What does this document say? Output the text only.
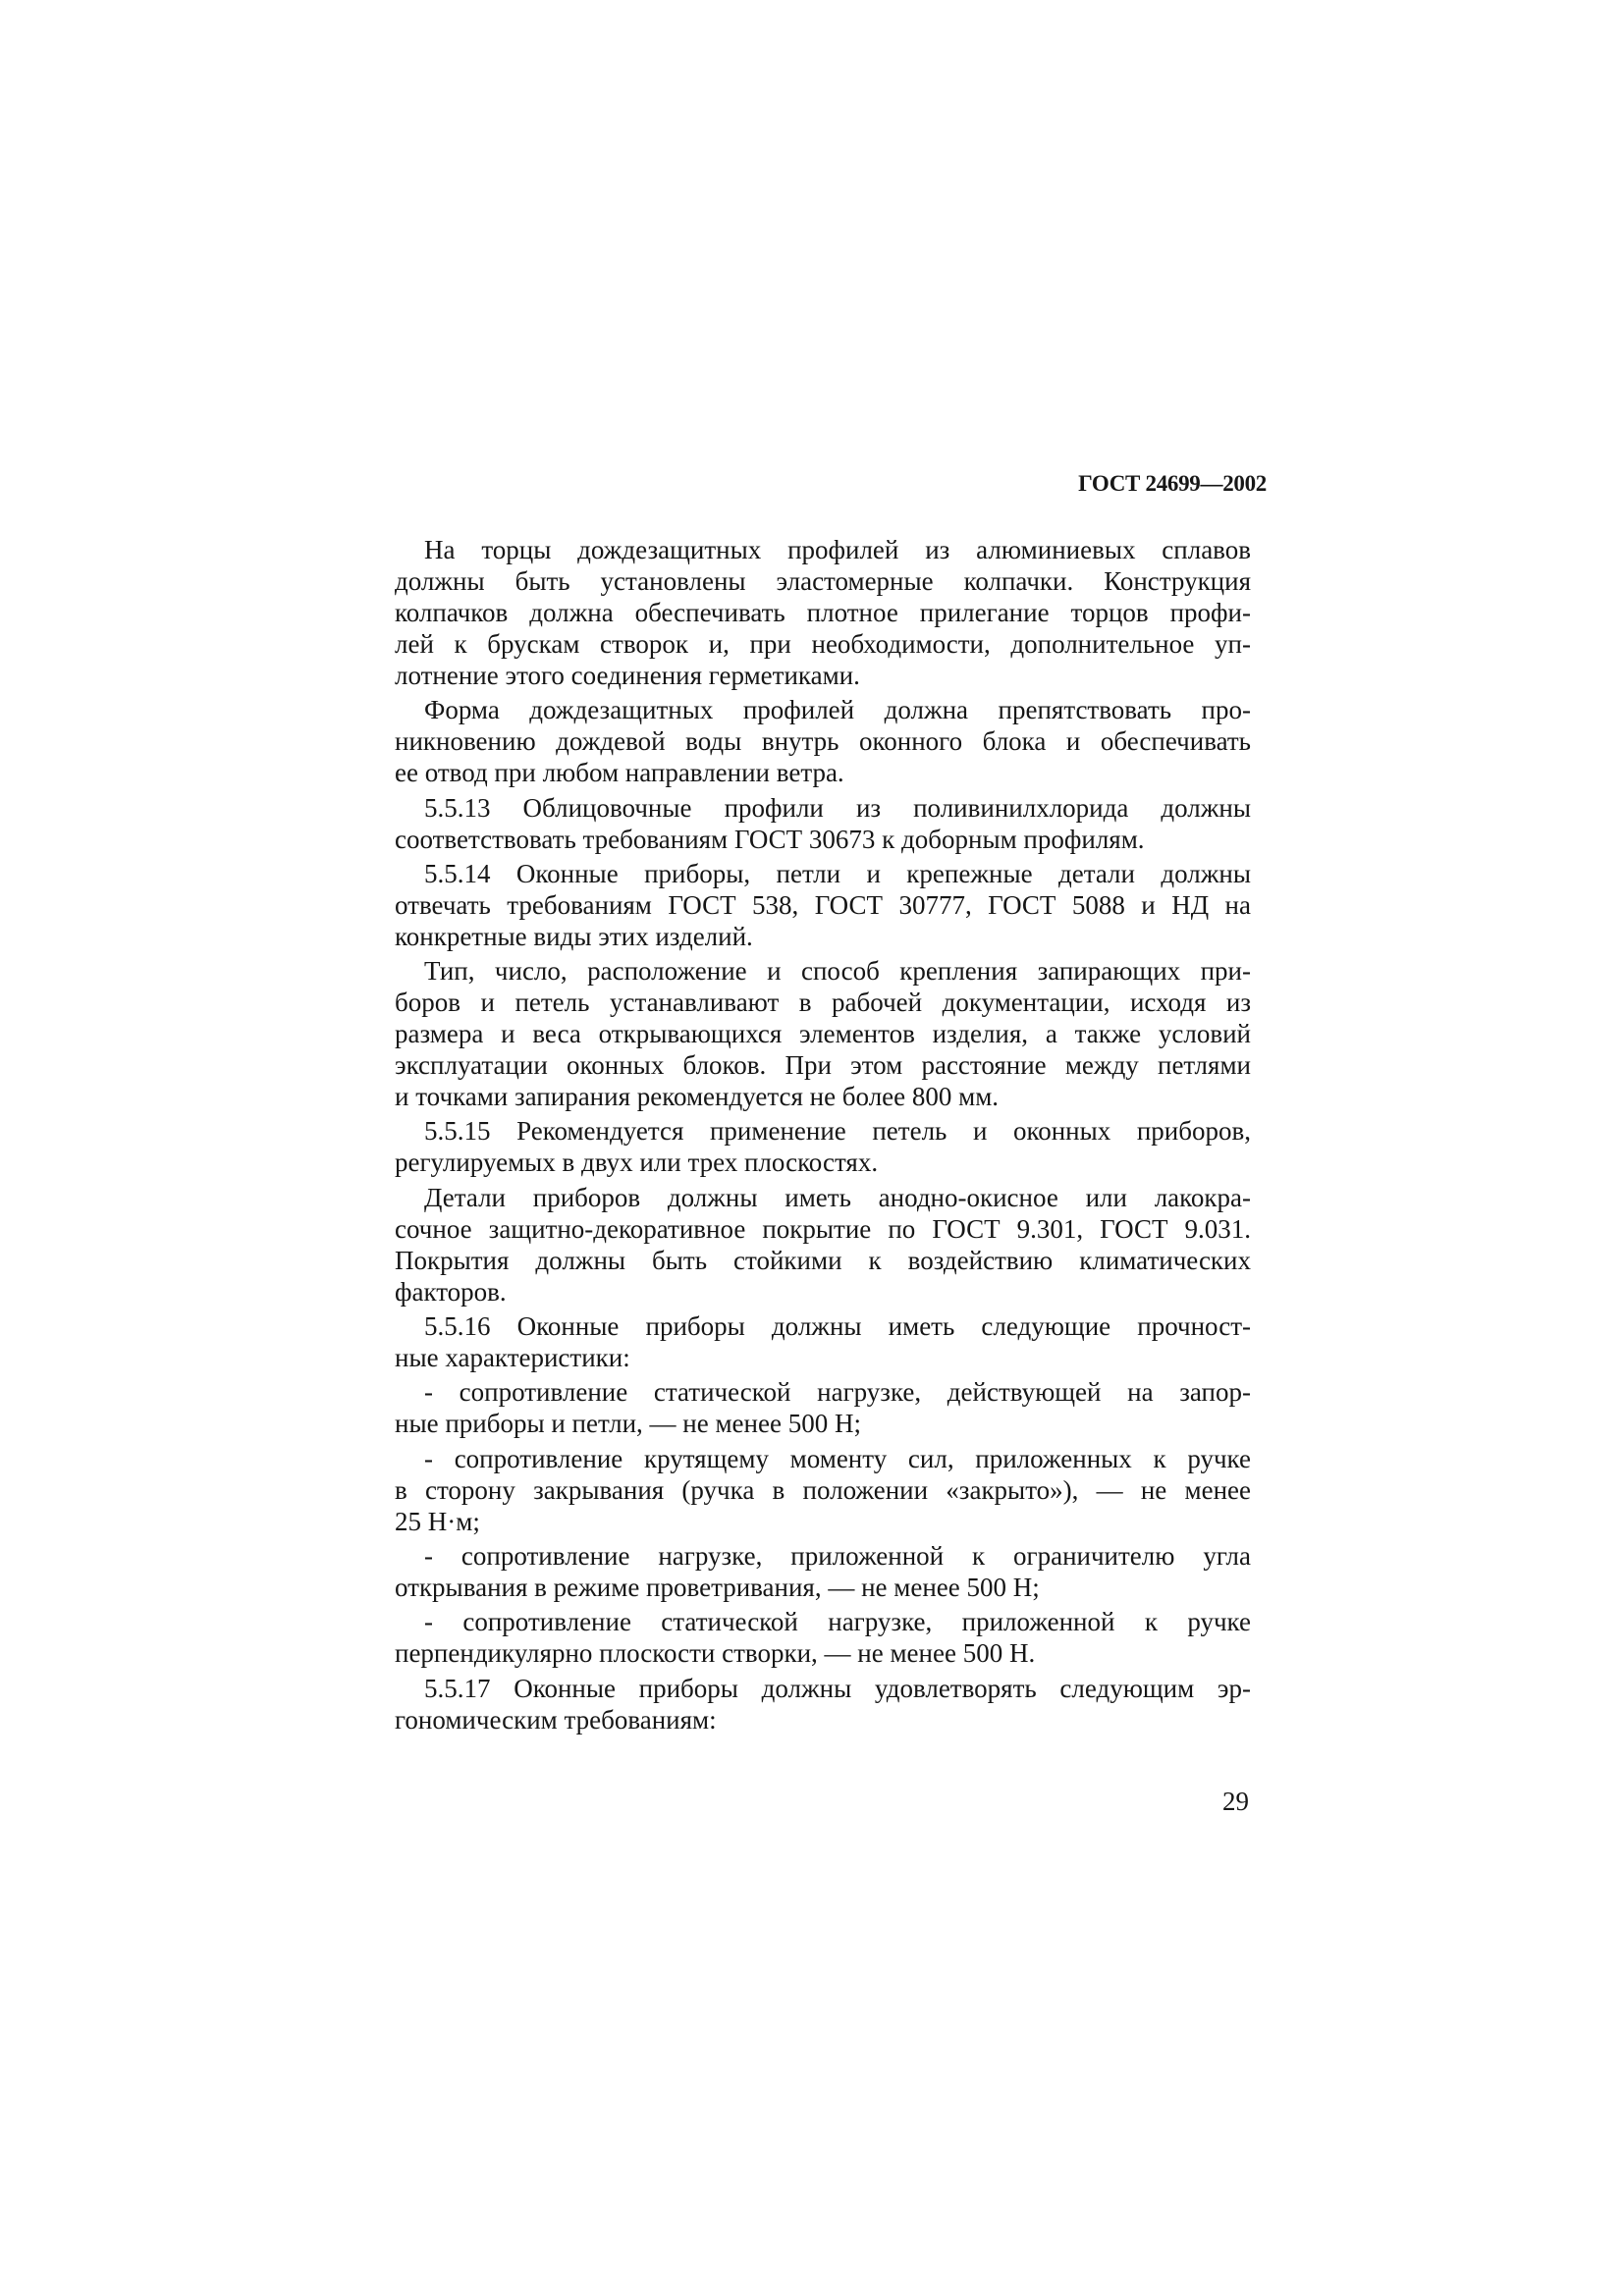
ГОСТ 24699—2002
На торцы дождезащитных профилей из алюминиевых сплавов
должны быть установлены эластомерные колпачки. Конструкция
колпачков должна обеспечивать плотное прилегание торцов профи-
лей к брускам створок и, при необходимости, дополнительное уп-
лотнение этого соединения герметиками.
Форма дождезащитных профилей должна препятствовать про-
никновению дождевой воды внутрь оконного блока и обеспечивать
ее отвод при любом направлении ветра.
5.5.13 Облицовочные профили из поливинилхлорида должны
соответствовать требованиям ГОСТ 30673 к доборным профилям.
5.5.14 Оконные приборы, петли и крепежные детали должны
отвечать требованиям ГОСТ 538, ГОСТ 30777, ГОСТ 5088 и НД на
конкретные виды этих изделий.
Тип, число, расположение и способ крепления запирающих при-
боров и петель устанавливают в рабочей документации, исходя из
размера и веса открывающихся элементов изделия, а также условий
эксплуатации оконных блоков. При этом расстояние между петлями
и точками запирания рекомендуется не более 800 мм.
5.5.15 Рекомендуется применение петель и оконных приборов,
регулируемых в двух или трех плоскостях.
Детали приборов должны иметь анодно-окисное или лакокра-
сочное защитно-декоративное покрытие по ГОСТ 9.301, ГОСТ 9.031.
Покрытия должны быть стойкими к воздействию климатических
факторов.
5.5.16 Оконные приборы должны иметь следующие прочност-
ные характеристики:
- сопротивление статической нагрузке, действующей на запор-
ные приборы и петли, — не менее 500 Н;
- сопротивление крутящему моменту сил, приложенных к ручке
в сторону закрывания (ручка в положении «закрыто»), — не менее
25 Н·м;
- сопротивление нагрузке, приложенной к ограничителю угла
открывания в режиме проветривания, — не менее 500 Н;
- сопротивление статической нагрузке, приложенной к ручке
перпендикулярно плоскости створки, — не менее 500 Н.
5.5.17 Оконные приборы должны удовлетворять следующим эр-
гономическим требованиям:
29
